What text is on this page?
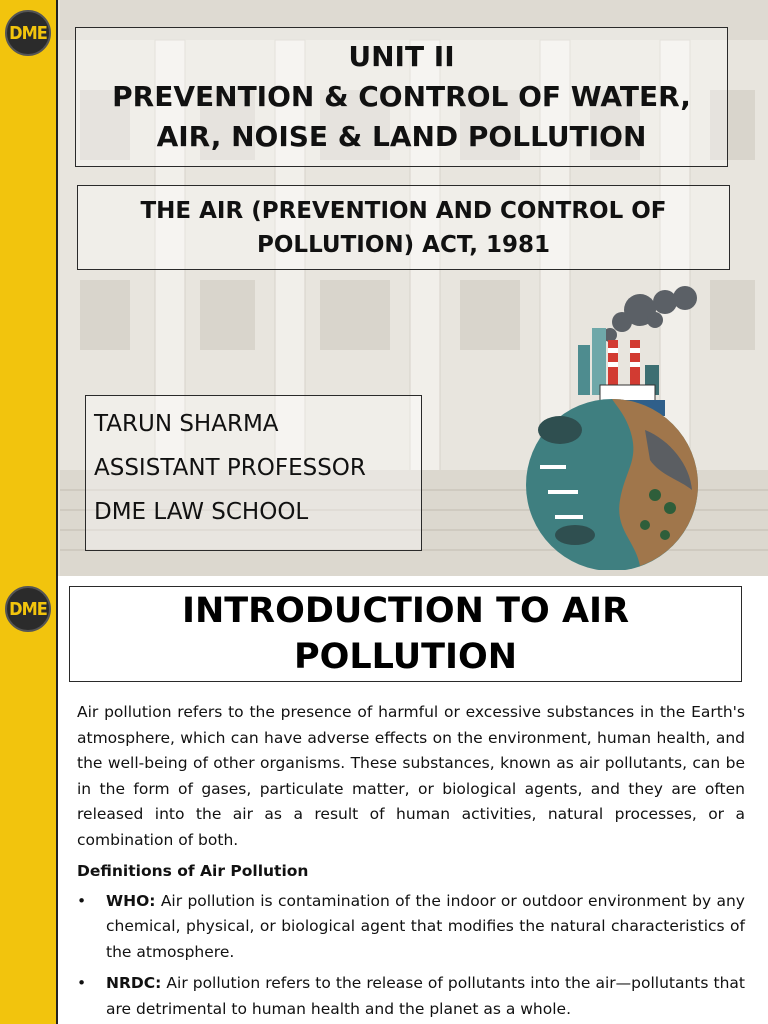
DME
UNIT II
PREVENTION & CONTROL OF WATER,
AIR, NOISE & LAND POLLUTION
THE AIR (PREVENTION AND CONTROL OF
POLLUTION) ACT, 1981
TARUN SHARMA
ASSISTANT PROFESSOR
DME LAW SCHOOL
DME	INTRODUCTION TO AIR
POLLUTION

Air pollution refers to the presence of harmful or excessive substances in the Earth's atmosphere, which can have adverse effects on the environment, human health, and the well-being of other organisms. These substances, known as air pollutants, can be in the form of gases, particulate matter, or biological agents, and they are often released into the air as a result of human activities, natural processes, or a combination of both.

Definitions of Air Pollution
• WHO: Air pollution is contamination of the indoor or outdoor environment by any chemical, physical, or biological agent that modifies the natural characteristics of the atmosphere.
• NRDC: Air pollution refers to the release of pollutants into the air—pollutants that are detrimental to human health and the planet as a whole.
